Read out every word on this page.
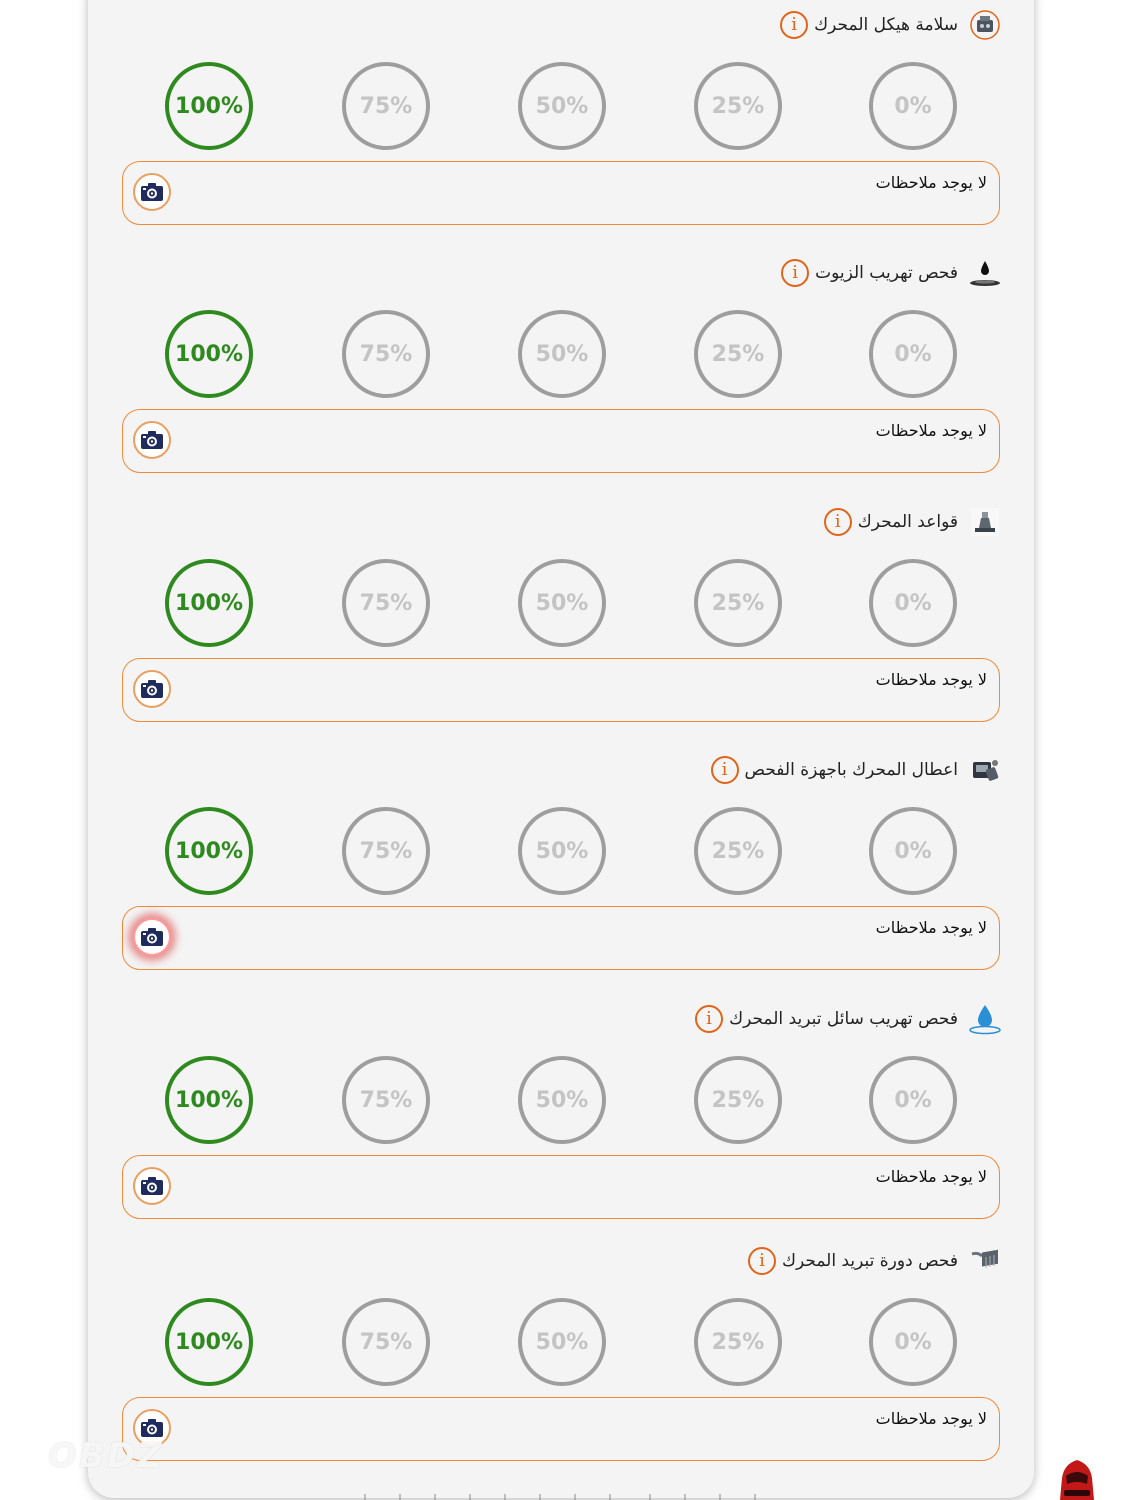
i	سلامة هيكل المحرك
100%	75%	50%	25%	0%
لا يوجد ملاحظات
i	فحص تهريب الزيوت
100%	75%	50%	25%	0%
لا يوجد ملاحظات
i	قواعد المحرك
100%	75%	50%	25%	0%
لا يوجد ملاحظات
i	اعطال المحرك باجهزة الفحص
100%	75%	50%	25%	0%
لا يوجد ملاحظات
i	فحص تهريب سائل تبريد المحرك
100%	75%	50%	25%	0%
لا يوجد ملاحظات
i	فحص دورة تبريد المحرك
100%	75%	50%	25%	0%
لا يوجد ملاحظات
OBDZ
